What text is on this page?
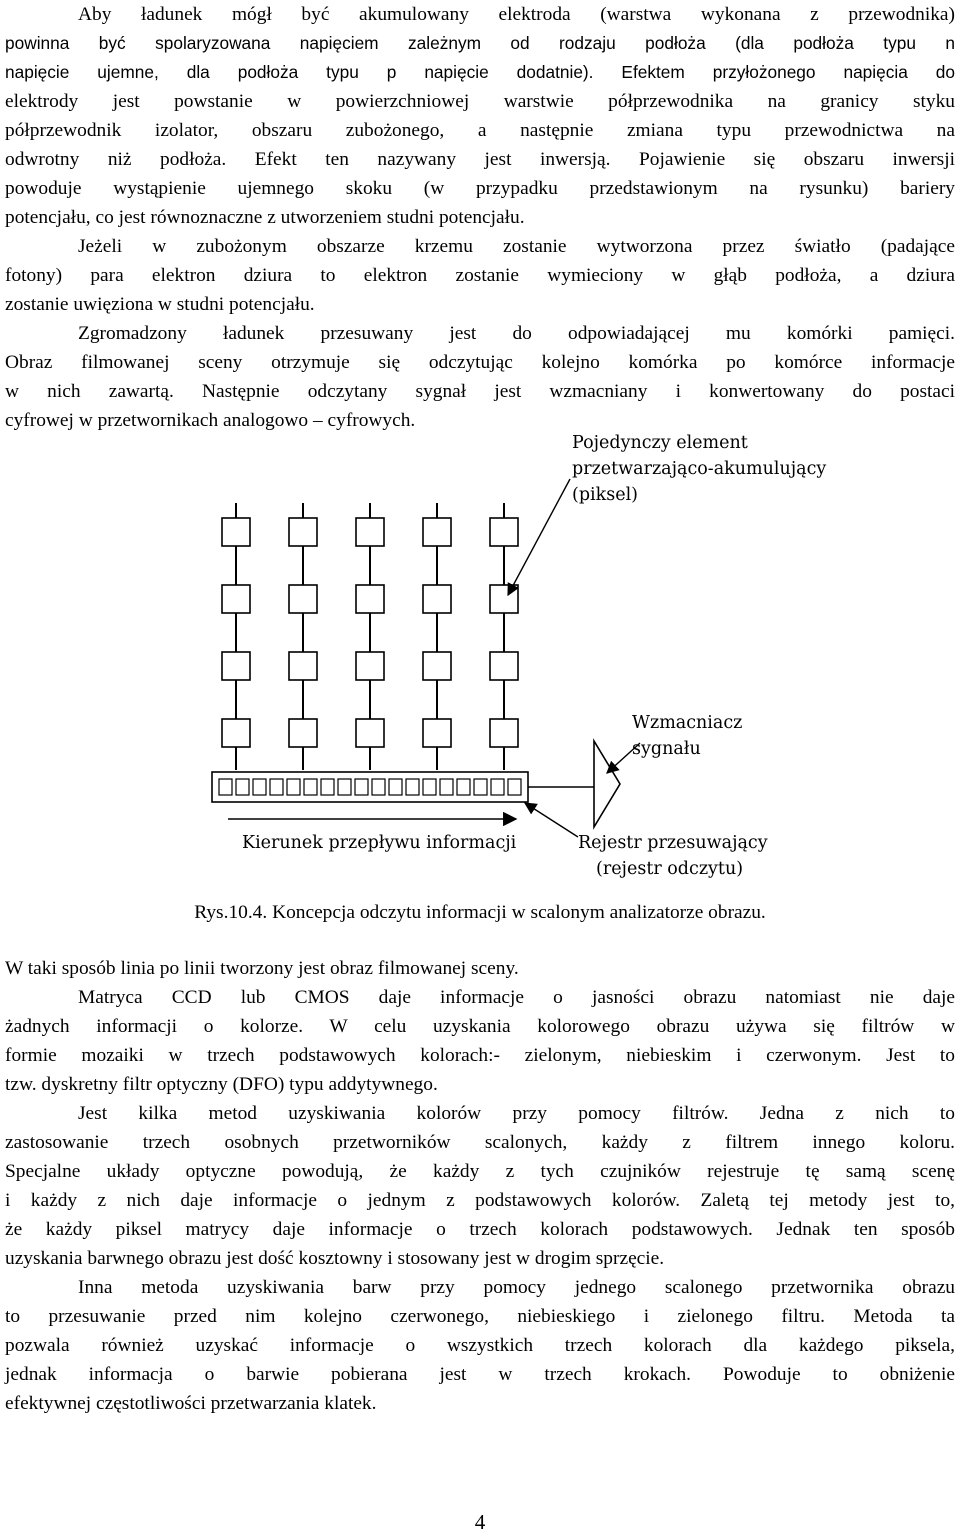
Aby ładunek mógł być akumulowany elektroda (warstwa wykonana z przewodnika)
powinna być spolaryzowana napięciem zależnym od rodzaju podłoża (dla podłoża typu n
napięcie ujemne, dla podłoża typu p napięcie dodatnie). Efektem przyłożonego napięcia do
elektrody jest powstanie w powierzchniowej warstwie półprzewodnika na granicy styku
półprzewodnik izolator, obszaru zubożonego, a następnie zmiana typu przewodnictwa na
odwrotny niż podłoża. Efekt ten nazywany jest inwersją. Pojawienie się obszaru inwersji
powoduje wystąpienie ujemnego skoku (w przypadku przedstawionym na rysunku) bariery
potencjału, co jest równoznaczne z utworzeniem studni potencjału.
Jeżeli w zubożonym obszarze krzemu zostanie wytworzona przez światło (padające
fotony) para elektron dziura to elektron zostanie wymieciony w głąb podłoża, a dziura
zostanie uwięziona w studni potencjału.
Zgromadzony ładunek przesuwany jest do odpowiadającej mu komórki pamięci.
Obraz filmowanej sceny otrzymuje się odczytując kolejno komórka po komórce informacje
w nich zawartą. Następnie odczytany sygnał jest wzmacniany i konwertowany do postaci
cyfrowej w przetwornikach analogowo – cyfrowych.
Pojedynczy element
przetwarzająco-akumulujący
(piksel)
Wzmacniacz
sygnału
Kierunek przepływu informacji	Rejestr przesuwający
(rejestr odczytu)
Rys.10.4. Koncepcja odczytu informacji w scalonym analizatorze obrazu.
W taki sposób linia po linii tworzony jest obraz filmowanej sceny.
Matryca CCD lub CMOS daje informacje o jasności obrazu natomiast nie daje
żadnych informacji o kolorze. W celu uzyskania kolorowego obrazu używa się filtrów w
formie mozaiki w trzech podstawowych kolorach:- zielonym, niebieskim i czerwonym. Jest to
tzw. dyskretny filtr optyczny (DFO) typu addytywnego.
Jest kilka metod uzyskiwania kolorów przy pomocy filtrów. Jedna z nich to
zastosowanie trzech osobnych przetworników scalonych, każdy z filtrem innego koloru.
Specjalne układy optyczne powodują, że każdy z tych czujników rejestruje tę samą scenę
i każdy z nich daje informacje o jednym z podstawowych kolorów. Zaletą tej metody jest to,
że każdy piksel matrycy daje informacje o trzech kolorach podstawowych. Jednak ten sposób
uzyskania barwnego obrazu jest dość kosztowny i stosowany jest w drogim sprzęcie.
Inna metoda uzyskiwania barw przy pomocy jednego scalonego przetwornika obrazu
to przesuwanie przed nim kolejno czerwonego, niebieskiego i zielonego filtru. Metoda ta
pozwala również uzyskać informacje o wszystkich trzech kolorach dla każdego piksela,
jednak informacja o barwie pobierana jest w trzech krokach. Powoduje to obniżenie
efektywnej częstotliwości przetwarzania klatek.
4
